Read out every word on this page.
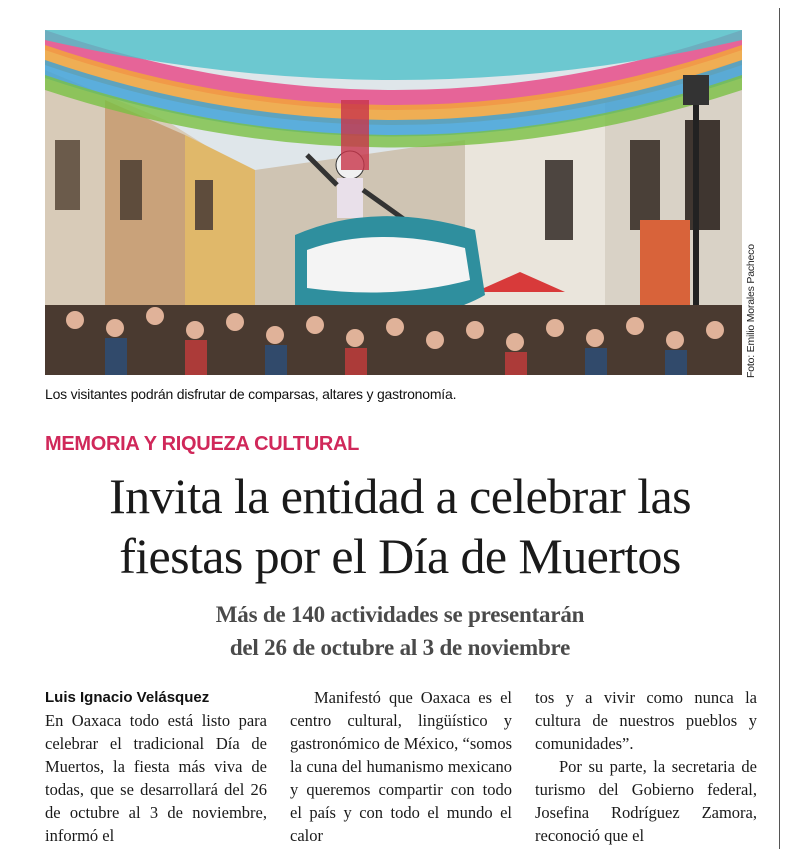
Foto: Emilio Morales Pacheco
Los visitantes podrán disfrutar de comparsas, altares y gastronomía.
MEMORIA Y RIQUEZA CULTURAL
Invita la entidad a celebrar las
fiestas por el Día de Muertos
Más de 140 actividades se presentarán
del 26 de octubre al 3 de noviembre
Luis Ignacio Velásquez

En Oaxaca todo está listo para celebrar el tradicional Día de Muertos, la fiesta más viva de todas, que se desarrollará del 26 de octubre al 3 de noviembre, informó el

Manifestó que Oaxaca es el centro cultural, lingüístico y gastronómico de México, “somos la cuna del humanismo mexicano y queremos compartir con todo el país y con todo el mundo el calor

tos y a vivir como nunca la cultura de nuestros pueblos y comunidades”.

Por su parte, la secretaria de turismo del Gobierno federal, Josefina Rodríguez Zamora, reconoció que el
